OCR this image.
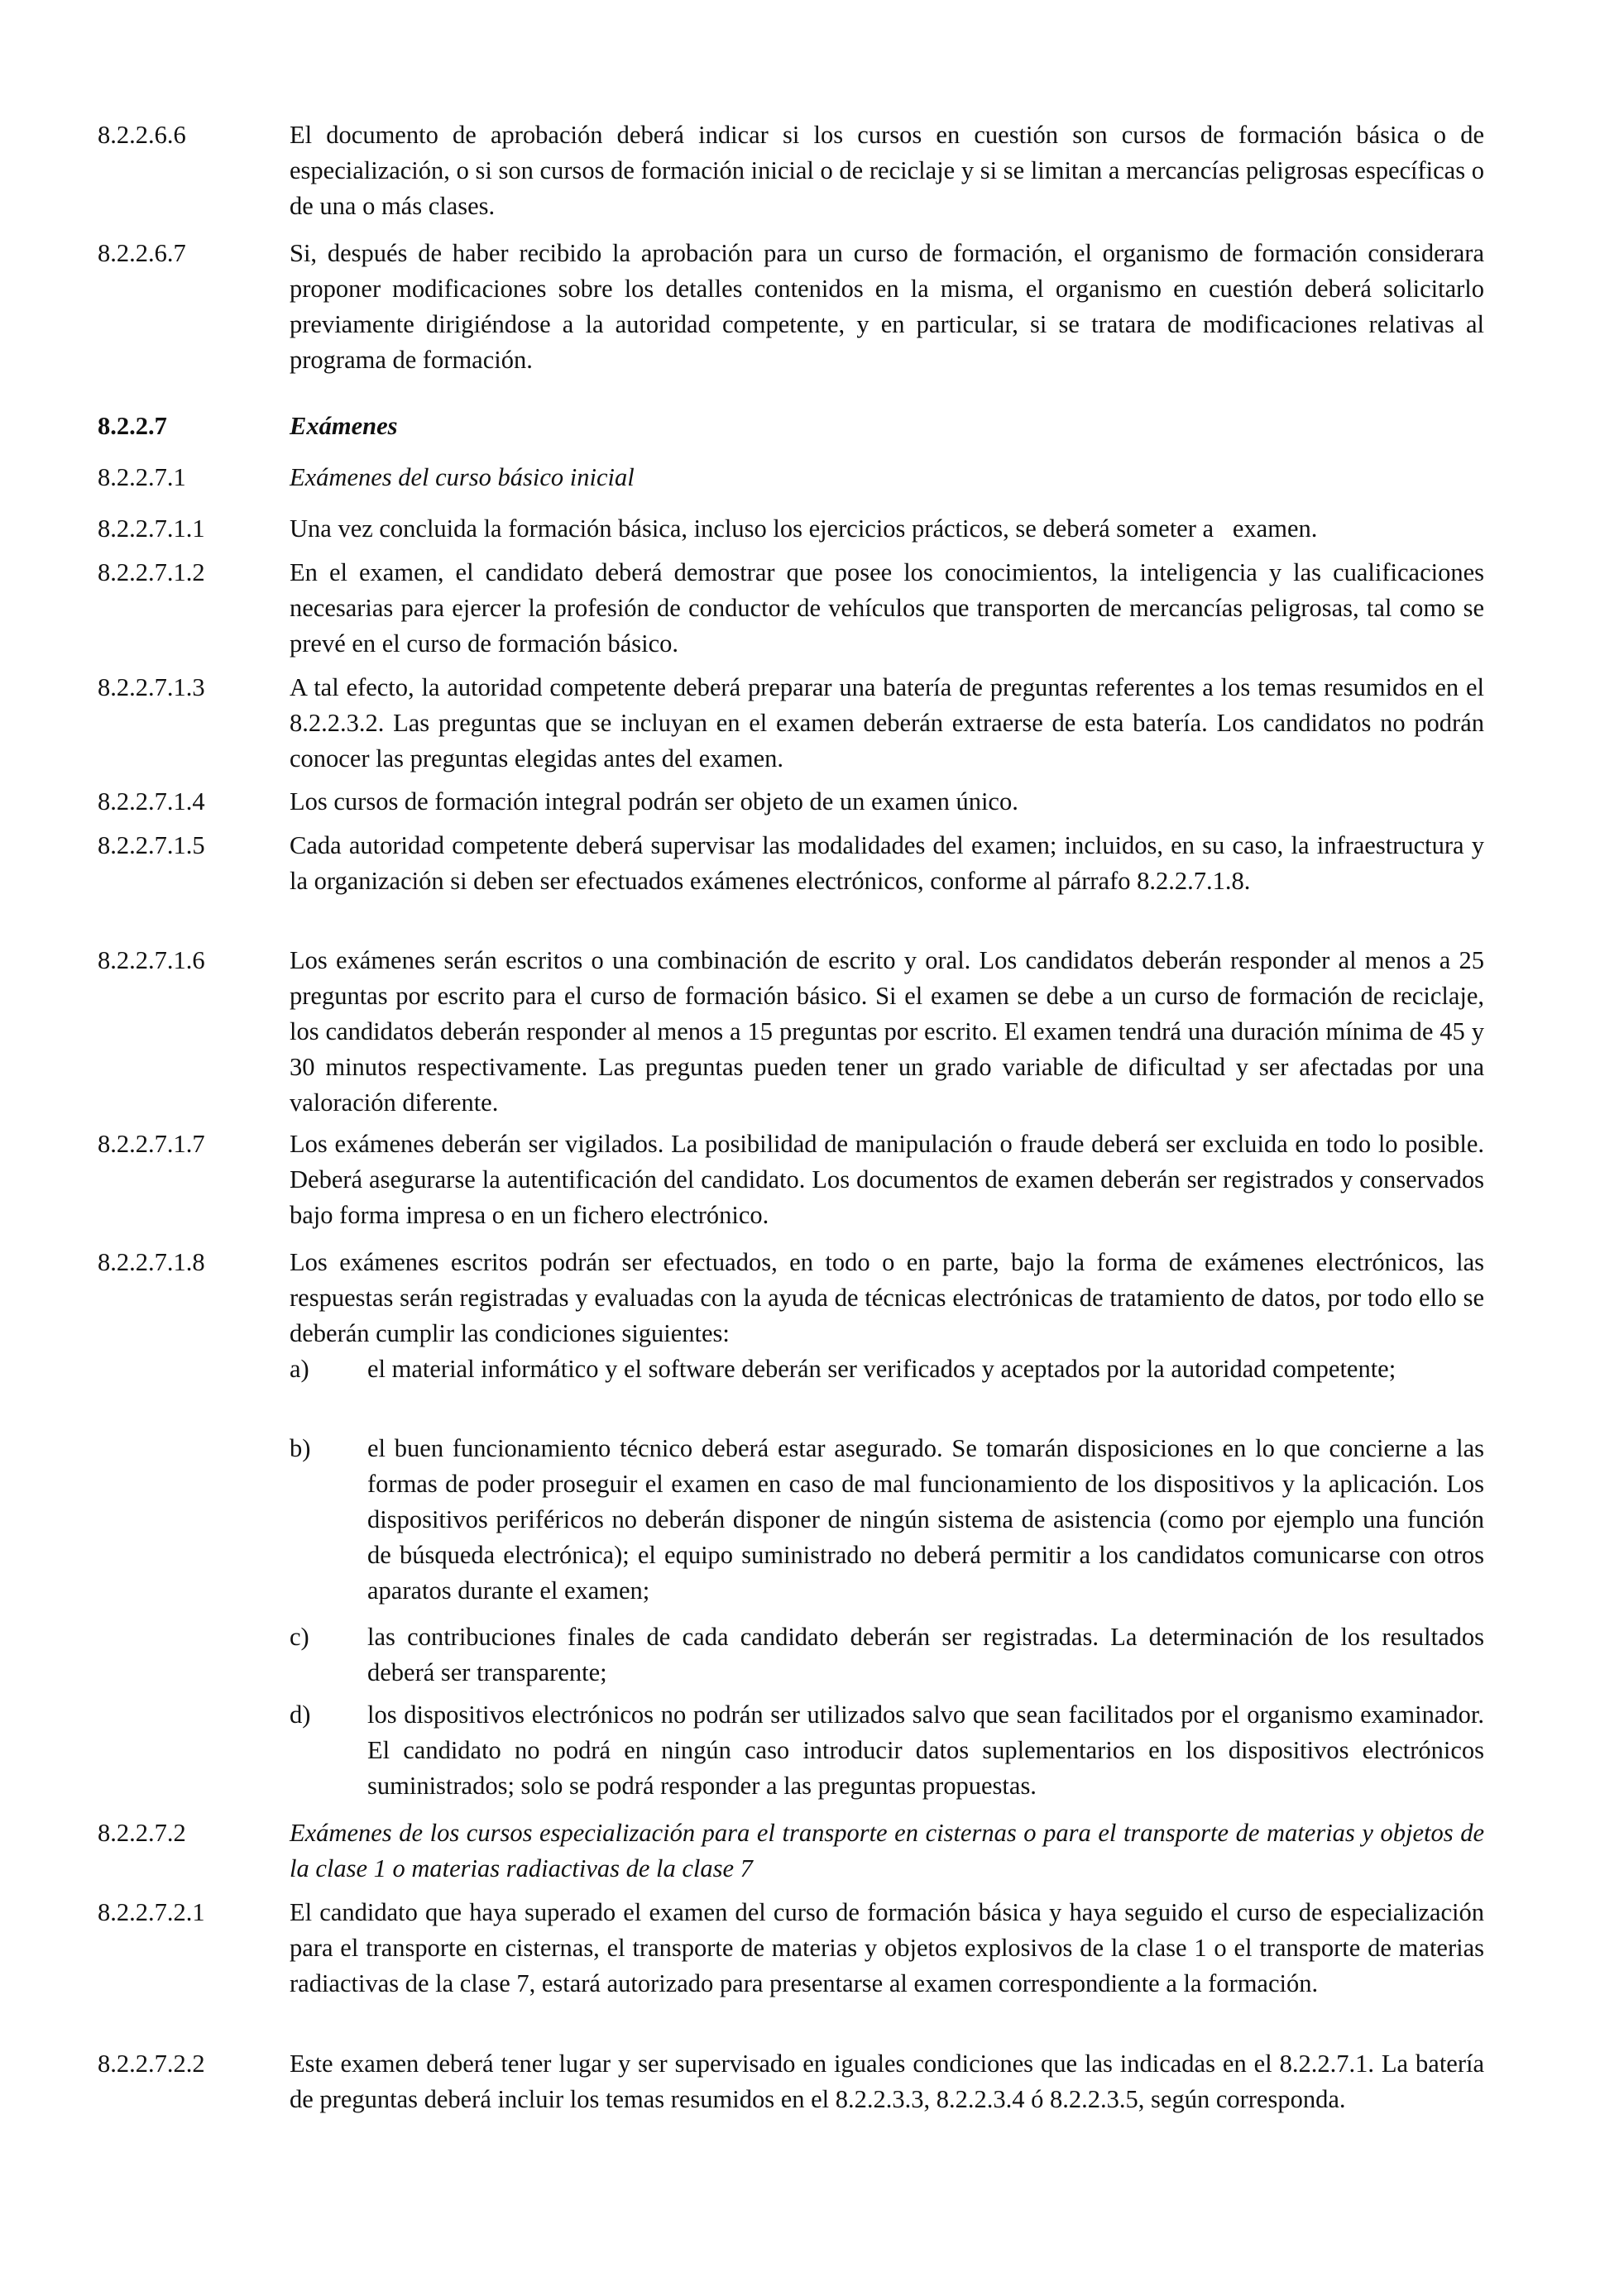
8.2.2.6.6	El documento de aprobación deberá indicar si los cursos en cuestión son cursos de formación básica o de especialización, o si son cursos de formación inicial o de reciclaje y si se limitan a mercancías peligrosas específicas o de una o más clases.
8.2.2.6.7	Si, después de haber recibido la aprobación para un curso de formación, el organismo de formación considerara proponer modificaciones sobre los detalles contenidos en la misma, el organismo en cuestión deberá solicitarlo previamente dirigiéndose a la autoridad competente, y en particular, si se tratara de modificaciones relativas al programa de formación.
8.2.2.7	Exámenes
8.2.2.7.1	Exámenes del curso básico inicial
8.2.2.7.1.1	Una vez concluida la formación básica, incluso los ejercicios prácticos, se deberá someter a   examen.
8.2.2.7.1.2	En el examen, el candidato deberá demostrar que posee los conocimientos, la inteligencia y las cualificaciones necesarias para ejercer la profesión de conductor de vehículos que transporten de mercancías peligrosas, tal como se prevé en el curso de formación básico.
8.2.2.7.1.3	A tal efecto, la autoridad competente deberá preparar una batería de preguntas referentes a los temas resumidos en el 8.2.2.3.2. Las preguntas que se incluyan en el examen deberán extraerse de esta batería. Los candidatos no podrán conocer las preguntas elegidas antes del examen.
8.2.2.7.1.4	Los cursos de formación integral podrán ser objeto de un examen único.
8.2.2.7.1.5	Cada autoridad competente deberá supervisar las modalidades del examen; incluidos, en su caso, la infraestructura y la organización si deben ser efectuados exámenes electrónicos, conforme al párrafo 8.2.2.7.1.8.
8.2.2.7.1.6	Los exámenes serán escritos o una combinación de escrito y oral. Los candidatos deberán responder al menos a 25 preguntas por escrito para el curso de formación básico. Si el examen se debe a un curso de formación de reciclaje, los candidatos deberán responder al menos a 15 preguntas por escrito. El examen tendrá una duración mínima de 45 y 30 minutos respectivamente. Las preguntas pueden tener un grado variable de dificultad y ser afectadas por una valoración diferente.
8.2.2.7.1.7	Los exámenes deberán ser vigilados. La posibilidad de manipulación o fraude deberá ser excluida en todo lo posible. Deberá asegurarse la autentificación del candidato. Los documentos de examen deberán ser registrados y conservados bajo forma impresa o en un fichero electrónico.
8.2.2.7.1.8	Los exámenes escritos podrán ser efectuados, en todo o en parte, bajo la forma de exámenes electrónicos, las respuestas serán registradas y evaluadas con la ayuda de técnicas electrónicas de tratamiento de datos, por todo ello se deberán cumplir las condiciones siguientes:
a)	el material informático y el software deberán ser verificados y aceptados por la autoridad competente;
b)	el buen funcionamiento técnico deberá estar asegurado. Se tomarán disposiciones en lo que concierne a las formas de poder proseguir el examen en caso de mal funcionamiento de los dispositivos y la aplicación. Los dispositivos periféricos no deberán disponer de ningún sistema de asistencia (como por ejemplo una función de búsqueda electrónica); el equipo suministrado no deberá permitir a los candidatos comunicarse con otros aparatos durante el examen;
c)	las contribuciones finales de cada candidato deberán ser registradas. La determinación de los resultados deberá ser transparente;
d)	los dispositivos electrónicos no podrán ser utilizados salvo que sean facilitados por el organismo examinador. El candidato no podrá en ningún caso introducir datos suplementarios en los dispositivos electrónicos suministrados; solo se podrá responder a las preguntas propuestas.
8.2.2.7.2	Exámenes de los cursos especialización para el transporte en cisternas o para el transporte de materias y objetos de la clase 1 o materias radiactivas de la clase 7
8.2.2.7.2.1	El candidato que haya superado el examen del curso de formación básica y haya seguido el curso de especialización para el transporte en cisternas, el transporte de materias y objetos explosivos de la clase 1 o el transporte de materias radiactivas de la clase 7, estará autorizado para presentarse al examen correspondiente a la formación.
8.2.2.7.2.2	Este examen deberá tener lugar y ser supervisado en iguales condiciones que las indicadas en el 8.2.2.7.1. La batería de preguntas deberá incluir los temas resumidos en el 8.2.2.3.3, 8.2.2.3.4 ó 8.2.2.3.5, según corresponda.
